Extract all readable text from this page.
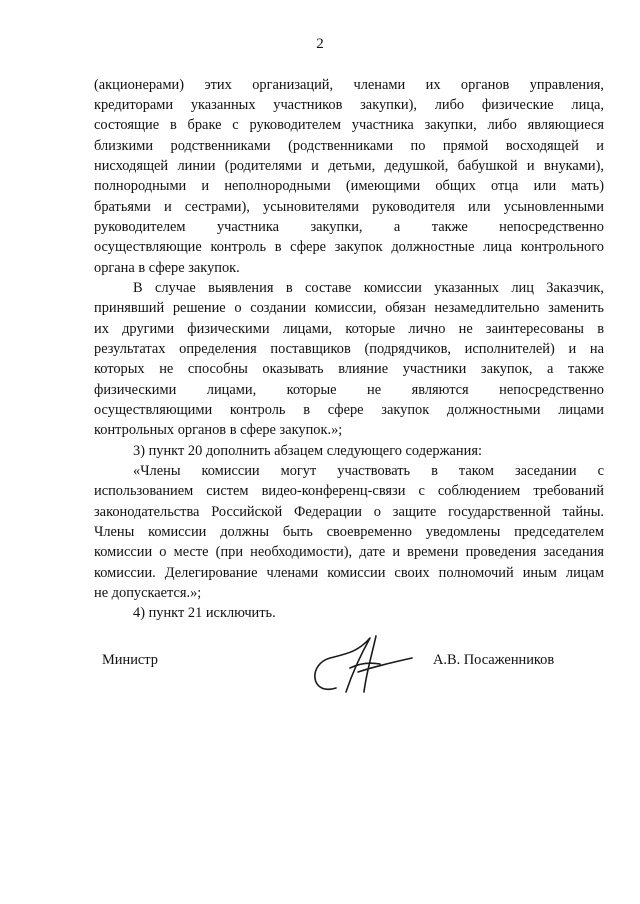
2
(акционерами) этих организаций, членами их органов управления,
кредиторами указанных участников закупки), либо физические лица,
состоящие в браке с руководителем участника закупки, либо являющиеся
близкими родственниками (родственниками по прямой восходящей и
нисходящей линии (родителями и детьми, дедушкой, бабушкой и внуками),
полнородными и неполнородными (имеющими общих отца или мать)
братьями и сестрами), усыновителями руководителя или усыновленными
руководителем участника закупки, а также непосредственно
осуществляющие контроль в сфере закупок должностные лица контрольного
органа в сфере закупок.
В случае выявления в составе комиссии указанных лиц Заказчик,
принявший решение о создании комиссии, обязан незамедлительно заменить
их другими физическими лицами, которые лично не заинтересованы в
результатах определения поставщиков (подрядчиков, исполнителей) и на
которых не способны оказывать влияние участники закупок, а также
физическими лицами, которые не являются непосредственно
осуществляющими контроль в сфере закупок должностными лицами
контрольных органов в сфере закупок.»;
3) пункт 20 дополнить абзацем следующего содержания:
«Члены комиссии могут участвовать в таком заседании с
использованием систем видео-конференц-связи с соблюдением требований
законодательства Российской Федерации о защите государственной тайны.
Члены комиссии должны быть своевременно уведомлены председателем
комиссии о месте (при необходимости), дате и времени проведения заседания
комиссии. Делегирование членами комиссии своих полномочий иным лицам
не допускается.»;
4) пункт 21 исключить.
Министр	А.В. Посаженников
